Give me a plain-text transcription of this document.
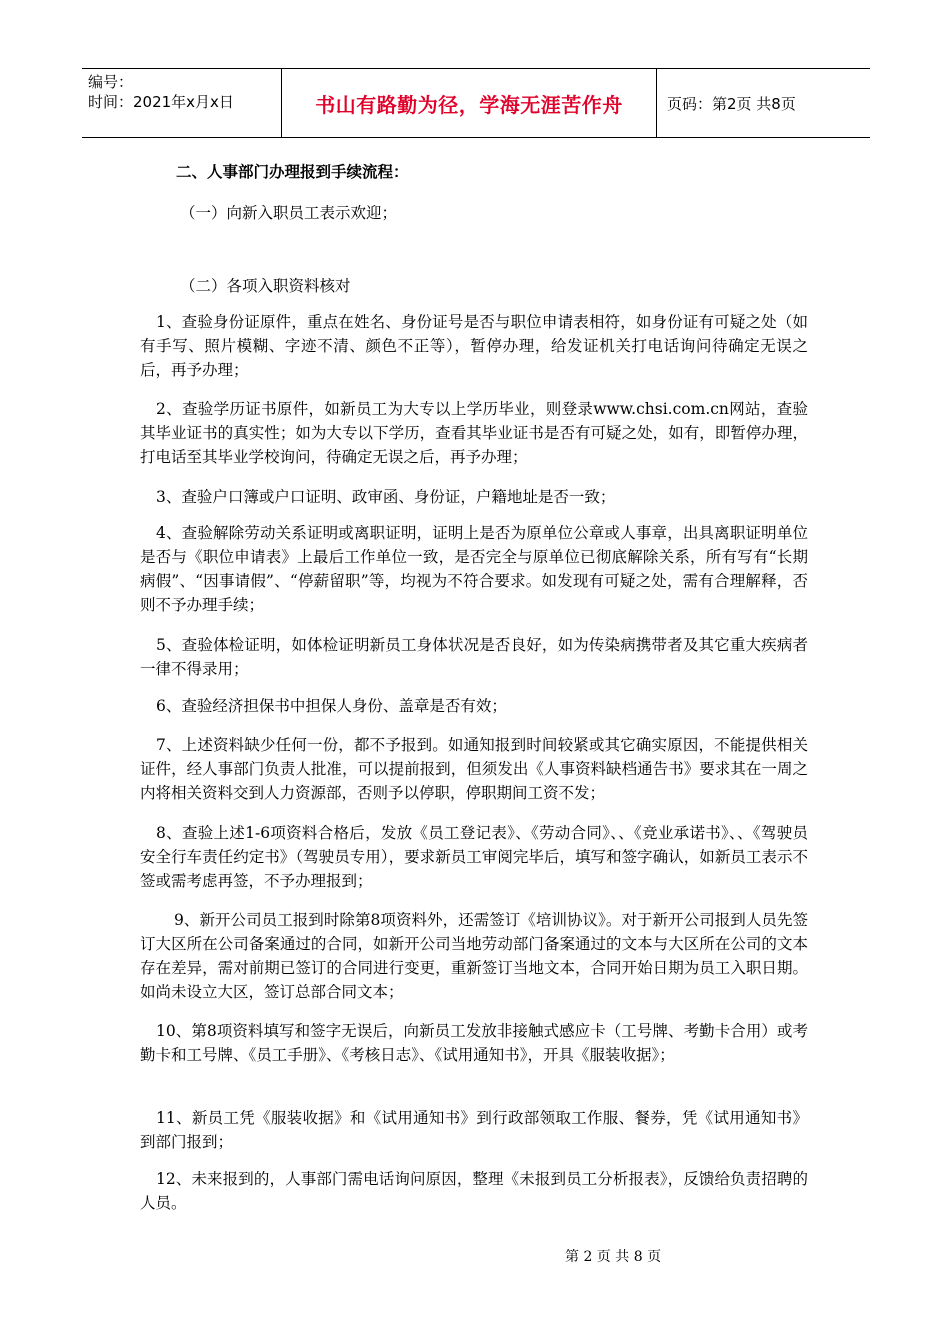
编号：
时间：2021年x月x日	书山有路勤为径，学海无涯苦作舟	页码：第2页 共8页
二、人事部门办理报到手续流程：
（一）向新入职员工表示欢迎；
（二）各项入职资料核对
1、查验身份证原件，重点在姓名、身份证号是否与职位申请表相符，如身份证有可疑之处（如有手写、照片模糊、字迹不清、颜色不正等），暂停办理，给发证机关打电话询问待确定无误之后，再予办理；
2、查验学历证书原件，如新员工为大专以上学历毕业，则登录www.chsi.com.cn网站，查验其毕业证书的真实性；如为大专以下学历，查看其毕业证书是否有可疑之处，如有，即暂停办理，打电话至其毕业学校询问，待确定无误之后，再予办理；
3、查验户口簿或户口证明、政审函、身份证，户籍地址是否一致；
4、查验解除劳动关系证明或离职证明，证明上是否为原单位公章或人事章，出具离职证明单位是否与《职位申请表》上最后工作单位一致，是否完全与原单位已彻底解除关系，所有写有“长期病假”、“因事请假”、“停薪留职”等，均视为不符合要求。如发现有可疑之处，需有合理解释，否则不予办理手续；
5、查验体检证明，如体检证明新员工身体状况是否良好，如为传染病携带者及其它重大疾病者一律不得录用；
6、查验经济担保书中担保人身份、盖章是否有效；
7、上述资料缺少任何一份，都不予报到。如通知报到时间较紧或其它确实原因，不能提供相关证件，经人事部门负责人批准，可以提前报到，但须发出《人事资料缺档通告书》要求其在一周之内将相关资料交到人力资源部，否则予以停职，停职期间工资不发；
8、查验上述1-6项资料合格后，发放《员工登记表》、《劳动合同》、、《竞业承诺书》、、《驾驶员安全行车责任约定书》（驾驶员专用），要求新员工审阅完毕后，填写和签字确认，如新员工表示不签或需考虑再签，不予办理报到；
9、新开公司员工报到时除第8项资料外，还需签订《培训协议》。对于新开公司报到人员先签订大区所在公司备案通过的合同，如新开公司当地劳动部门备案通过的文本与大区所在公司的文本存在差异，需对前期已签订的合同进行变更，重新签订当地文本，合同开始日期为员工入职日期。如尚未设立大区，签订总部合同文本；
10、第8项资料填写和签字无误后，向新员工发放非接触式感应卡（工号牌、考勤卡合用）或考勤卡和工号牌、《员工手册》、《考核日志》、《试用通知书》，开具《服装收据》；
11、新员工凭《服装收据》和《试用通知书》到行政部领取工作服、餐券，凭《试用通知书》到部门报到；
12、未来报到的，人事部门需电话询问原因，整理《未报到员工分析报表》，反馈给负责招聘的人员。
第 2 页 共 8 页
